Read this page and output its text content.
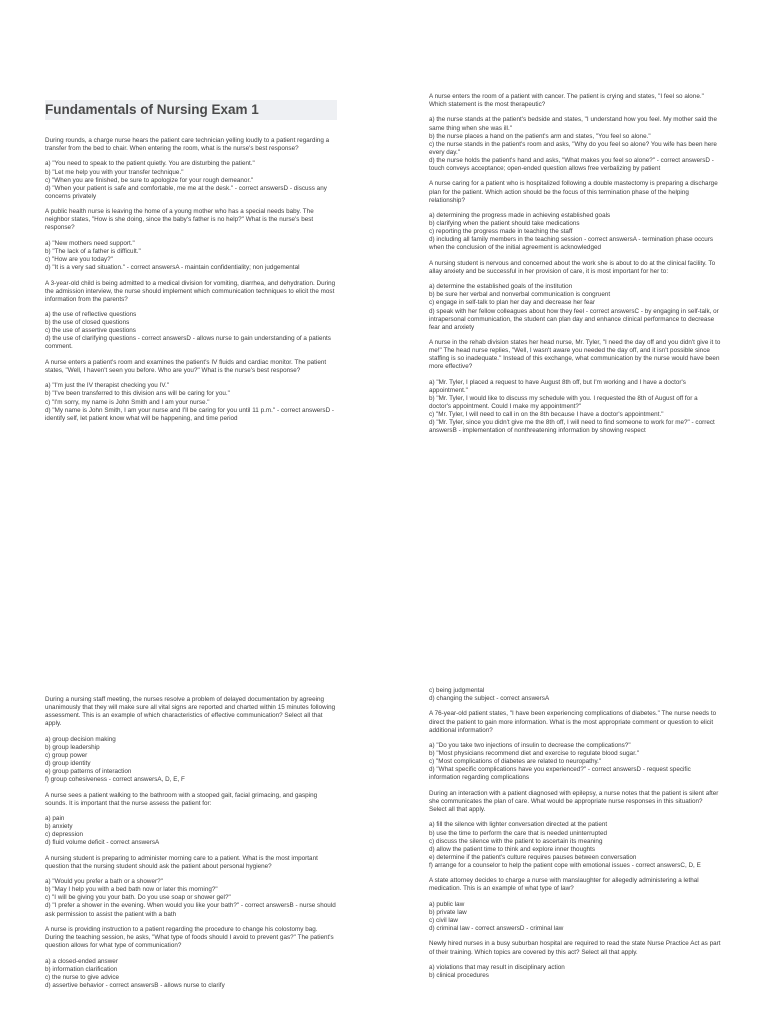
Fundamentals of Nursing Exam 1
During rounds, a charge nurse hears the patient care technician yelling loudly to a patient regarding a transfer from the bed to chair. When entering the room, what is the nurse's best response?
a) "You need to speak to the patient quietly. You are disturbing the patient."
b) "Let me help you with your transfer technique."
c) "When you are finished, be sure to apologize for your rough demeanor."
d) "When your patient is safe and comfortable, me me at the desk." - correct answersD - discuss any concerns privately
A public health nurse is leaving the home of a young mother who has a special needs baby. The neighbor states, "How is she doing, since the baby's father is no help?" What is the nurse's best response?
a) "New mothers need support."
b) "The lack of a father is difficult."
c) "How are you today?"
d) "It is a very sad situation." - correct answersA - maintain confidentiality; non judgemental
A 3-year-old child is being admitted to a medical division for vomiting, diarrhea, and dehydration. During the admission interview, the nurse should implement which communication techniques to elicit the most information from the parents?
a) the use of reflective questions
b) the use of closed questions
c) the use of assertive questions
d) the use of clarifying questions - correct answersD - allows nurse to gain understanding of a patients comment.
A nurse enters a patient's room and examines the patient's IV fluids and cardiac monitor. The patient states, "Well, I haven't seen you before. Who are you?" What is the nurse's best response?
a) "I'm just the IV therapist checking you IV."
b) "I've been transferred to this division ans will be caring for you."
c) "I'm sorry, my name is John Smith and I am your nurse."
d) "My name is John Smith, I am your nurse and I'll be caring for you until 11 p.m." - correct answersD - identify self, let patient know what will be happening, and time period
A nurse enters the room of a patient with cancer. The patient is crying and states, "I feel so alone." Which statement is the most therapeutic?
a) the nurse stands at the patient's bedside and states, "I understand how you feel. My mother said the same thing when she was ill."
b) the nurse places a hand on the patient's arm and states, "You feel so alone."
c) the nurse stands in the patient's room and asks, "Why do you feel so alone? You wife has been here every day."
d) the nurse holds the patient's hand and asks, "What makes you feel so alone?" - correct answersD - touch conveys acceptance; open-ended question allows free verbalizing by patient
A nurse caring for a patient who is hospitalized following a double mastectomy is preparing a discharge plan for the patient. Which action should be the focus of this termination phase of the helping relationship?
a) determining the progress made in achieving established goals
b) clarifying when the patient should take medications
c) reporting the progress made in teaching the staff
d) including all family members in the teaching session - correct answersA - termination phase occurs when the conclusion of the initial agreement is acknowledged
A nursing student is nervous and concerned about the work she is about to do at the clinical facility. To allay anxiety and be successful in her provision of care, it is most important for her to:
a) determine the established goals of the institution
b) be sure her verbal and nonverbal communication is congruent
c) engage in self-talk to plan her day and decrease her fear
d) speak with her fellow colleagues about how they feel - correct answersC - by engaging in self-talk, or intrapersonal communication, the student can plan day and enhance clinical performance to decrease fear and anxiety
A nurse in the rehab division states her head nurse, Mr. Tyler, "I need the day off and you didn't give it to me!" The head nurse replies, "Well, I wasn't aware you needed the day off, and it isn't possible since staffing is so inadequate." Instead of this exchange, what communication by the nurse would have been more effective?
a) "Mr. Tyler, I placed a request to have August 8th off, but I'm working and I have a doctor's appointment."
b) "Mr. Tyler, I would like to discuss my schedule with you. I requested the 8th of August off for a doctor's appointment. Could I make my appointment?"
c) "Mr. Tyler, I will need to call in on the 8th because I have a doctor's appointment."
d) "Mr. Tyler, since you didn't give me the 8th off, I will need to find someone to work for me?" - correct answersB - implementation of nonthreatening information by showing respect
During a nursing staff meeting, the nurses resolve a problem of delayed documentation by agreeing unanimously that they will make sure all vital signs are reported and charted within 15 minutes following assessment. This is an example of which characteristics of effective communication? Select all that apply.
a) group decision making
b) group leadership
c) group power
d) group identity
e) group patterns of interaction
f) group cohesiveness - correct answersA, D, E, F
A nurse sees a patient walking to the bathroom with a stooped gait, facial grimacing, and gasping sounds. It is important that the nurse assess the patient for:
a) pain
b) anxiety
c) depression
d) fluid volume deficit - correct answersA
A nursing student is preparing to administer morning care to a patient. What is the most important question that the nursing student should ask the patient about personal hygiene?
a) "Would you prefer a bath or a shower?"
b) "May I help you with a bed bath now or later this morning?"
c) "I will be giving you your bath. Do you use soap or shower gel?"
d) "I prefer a shower in the evening. When would you like your bath?" - correct answersB - nurse should ask permission to assist the patient with a bath
A nurse is providing instruction to a patient regarding the procedure to change his colostomy bag. During the teaching session, he asks, "What type of foods should I avoid to prevent gas?" The patient's question allows for what type of communication?
a) a closed-ended answer
b) information clarification
c) the nurse to give advice
d) assertive behavior - correct answersB - allows nurse to clarify
c) being judgmental
d) changing the subject - correct answersA
A 76-year-old patient states, "I have been experiencing complications of diabetes." The nurse needs to direct the patient to gain more information. What is the most appropriate comment or question to elicit additional information?
a) "Do you take two injections of insulin to decrease the complications?"
b) "Most physicians recommend diet and exercise to regulate blood sugar."
c) "Most complications of diabetes are related to neuropathy."
d) "What specific complications have you experienced?" - correct answersD - request specific information regarding complications
During an interaction with a patient diagnosed with epilepsy, a nurse notes that the patient is silent after she communicates the plan of care. What would be appropriate nurse responses in this situation? Select all that apply.
a) fill the silence with lighter conversation directed at the patient
b) use the time to perform the care that is needed uninterrupted
c) discuss the silence with the patient to ascertain its meaning
d) allow the patient time to think and explore inner thoughts
e) determine if the patient's culture requires pauses between conversation
f) arrange for a counselor to help the patient cope with emotional issues - correct answersC, D, E
A state attorney decides to charge a nurse with manslaughter for allegedly administering a lethal medication. This is an example of what type of law?
a) public law
b) private law
c) civil law
d) criminal law - correct answersD - criminal law
Newly hired nurses in a busy suburban hospital are required to read the state Nurse Practice Act as part of their training. Which topics are covered by this act? Select all that apply.
a) violations that may result in disciplinary action
b) clinical procedures
